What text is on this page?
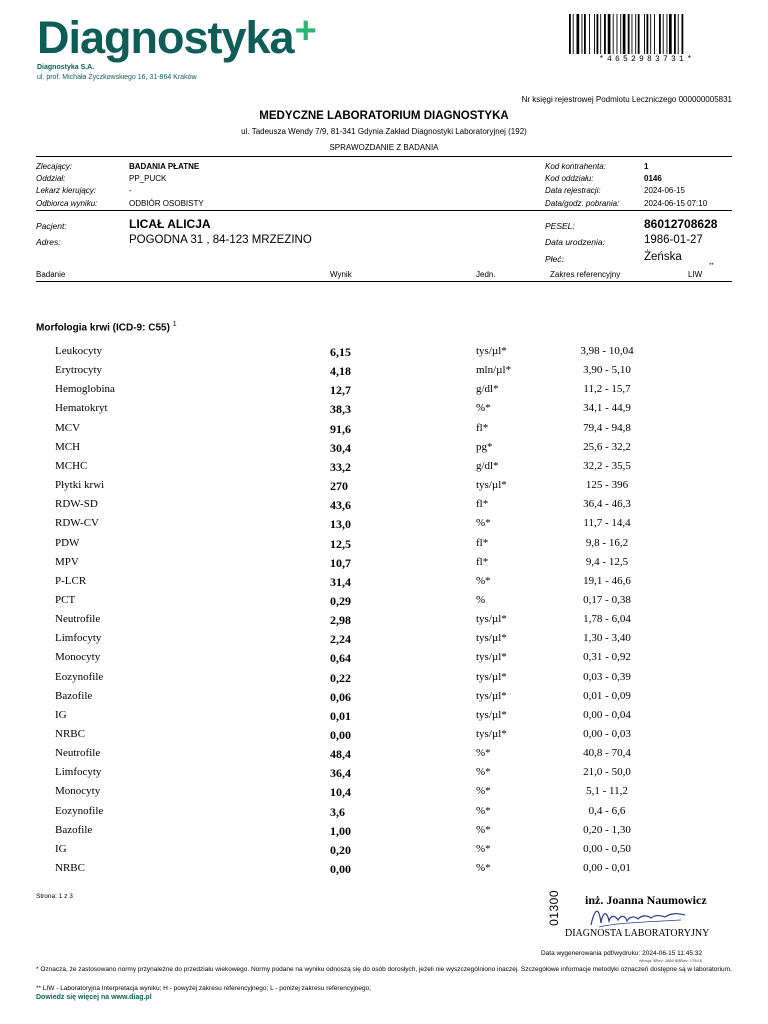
Diagnostyka+
Diagnostyka S.A.
ul. prof. Michała Życzkowskiego 16, 31-864 Kraków
*4652983731*
Nr księgi rejestrowej Podmiotu Leczniczego 000000005831
MEDYCZNE LABORATORIUM DIAGNOSTYKA
ul. Tadeusza Wendy 7/9, 81-341 Gdynia Zakład Diagnostyki Laboratoryjnej (192)
SPRAWOZDANIE Z BADANIA
Zlecający:	BADANIA PŁATNE
Oddział:	PP_PUCK
Lekarz kierujący:	-
Odbiorca wyniku:	ODBIÓR OSOBISTY
Kod kontrahenta:	1
Kod oddziału:	0146
Data rejestracji:	2024-06-15
Data/godz. pobrania:	2024-06-15 07:10
Pacjent:	LICAŁ ALICJA
Adres:	POGODNA 31 , 84-123 MRZEZINO
PESEL:	86012708628
Data urodzenia:	1986-01-27
Płeć:	Żeńska
Badanie	Wynik	Jedn.	Zakres referencyjny	LIW
**
Morfologia krwi (ICD-9: C55) $^1$
Leukocyty	6,15	tys/µl*	3,98 - 10,04
Erytrocyty	4,18	mln/µl*	3,90 - 5,10
Hemoglobina	12,7	g/dl*	11,2 - 15,7
Hematokryt	38,3	%*	34,1 - 44,9
MCV	91,6	fl*	79,4 - 94,8
MCH	30,4	pg*	25,6 - 32,2
MCHC	33,2	g/dl*	32,2 - 35,5
Płytki krwi	270	tys/µl*	125 - 396
RDW-SD	43,6	fl*	36,4 - 46,3
RDW-CV	13,0	%*	11,7 - 14,4
PDW	12,5	fl*	9,8 - 16,2
MPV	10,7	fl*	9,4 - 12,5
P-LCR	31,4	%*	19,1 - 46,6
PCT	0,29	%	0,17 - 0,38
Neutrofile	2,98	tys/µl*	1,78 - 6,04
Limfocyty	2,24	tys/µl*	1,30 - 3,40
Monocyty	0,64	tys/µl*	0,31 - 0,92
Eozynofile	0,22	tys/µl*	0,03 - 0,39
Bazofile	0,06	tys/µl*	0,01 - 0,09
IG	0,01	tys/µl*	0,00 - 0,04
NRBC	0,00	tys/µl*	0,00 - 0,03
Neutrofile	48,4	%*	40,8 - 70,4
Limfocyty	36,4	%*	21,0 - 50,0
Monocyty	10,4	%*	5,1 - 11,2
Eozynofile	3,6	%*	0,4 - 6,6
Bazofile	1,00	%*	0,20 - 1,30
IG	0,20	%*	0,00 - 0,50
NRBC	0,00	%*	0,00 - 0,01
Strona: 1 z 3	01300 inż. Joanna Naumowicz
DIAGNOSTA LABORATORYJNY
Data wygenerowania pdf/wydruku: 2024-06-15 11:45:32
Wersja: $Rev: 1866 $/$Rev: 1754 $
* Oznacza, że zastosowano normy przynależne do przedziału wiekowego. Normy podane na wyniku odnoszą się do osób dorosłych, jeżeli nie wyszczególniono inaczej. Szczegółowe informacje metodyki oznaczeń dostępne są w laboratorium.
** LIW - Laboratoryjna Interpretacja wyniku; H - powyżej zakresu referencyjnego; L - poniżej zakresu referencyjnego;
Dowiedz się więcej na www.diag.pl
